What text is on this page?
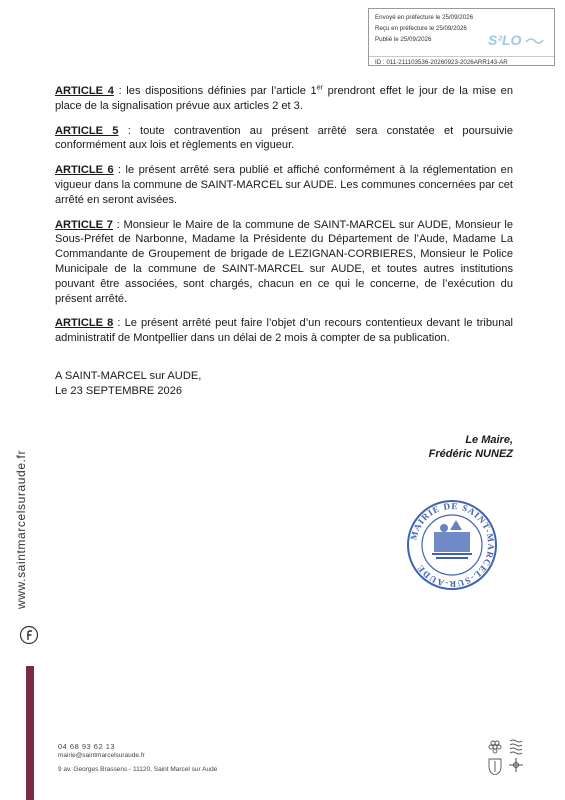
Envoyé en préfecture le 25/09/2026
Reçu en préfecture le 25/09/2026
Publié le 25/09/2026
ID : 011-211103536-20260923-2026ARR143-AR
S²LO

ARTICLE 4 : les dispositions définies par l’article 1er prendront effet le jour de la mise en place de la signalisation prévue aux articles 2 et 3.

ARTICLE 5 : toute contravention au présent arrêté sera constatée et poursuivie conformément aux lois et règlements en vigueur.

ARTICLE 6 : le présent arrêté sera publié et affiché conformément à la réglementation en vigueur dans la commune de SAINT-MARCEL sur AUDE. Les communes concernées par cet arrêté en seront avisées.

ARTICLE 7 : Monsieur le Maire de la commune de SAINT-MARCEL sur AUDE, Monsieur le Sous-Préfet de Narbonne, Madame la Présidente du Département de l’Aude, Madame La Commandante de Groupement de brigade de LEZIGNAN-CORBIERES, Monsieur le Police Municipale de la commune de SAINT-MARCEL sur AUDE, et toutes autres institutions pouvant être associées, sont chargés, chacun en ce qui le concerne, de l’exécution du présent arrêté.

ARTICLE 8 : Le présent arrêté peut faire l’objet d’un recours contentieux devant le tribunal administratif de Montpellier dans un délai de 2 mois à compter de sa publication.

A SAINT-MARCEL sur AUDE,
Le 23 SEPTEMBRE 2026
Le Maire,
Frédéric NUNEZ
MAIRIE DE SAINT-MARCEL-SUR-AUDE
www.saintmarcelsuraude.fr
04 68 93 62 13
mairie@saintmarcelsuraude.fr
9 av. Georges Brassens - 11120, Saint Marcel sur Aude
